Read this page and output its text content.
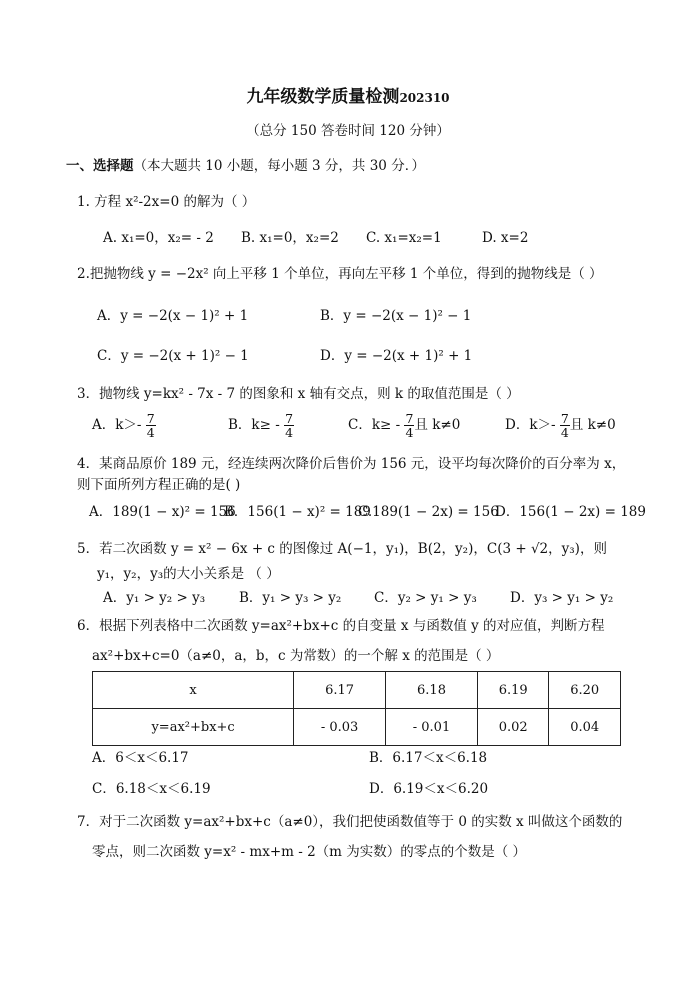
九年级数学质量检测202310
（总分 150 答卷时间 120 分钟）
一、选择题（本大题共 10 小题，每小题 3 分，共 30 分．）
1. 方程 x²-2x=0 的解为（ ）
A. x₁=0，x₂= - 2 B. x₁=0，x₂=2 C. x₁=x₂=1	D. x=2
2.把抛物线 y = −2x² 向上平移 1 个单位，再向左平移 1 个单位，得到的抛物线是（ ）
A．y = −2(x − 1)² + 1	B．y = −2(x − 1)² − 1
C．y = −2(x + 1)² − 1	D．y = −2(x + 1)² + 1
3．抛物线 y=kx² - 7x - 7 的图象和 x 轴有交点，则 k 的取值范围是（ ）
A．$k>- \frac{7}{4}$	B．$k\ge - \frac{7}{4}$	C．$k\ge - \frac{7}{4}$ 且 k≠0	D．$k>- \frac{7}{4}$ 且 k≠0
4．某商品原价 189 元，经连续两次降价后售价为 156 元，设平均每次降价的百分率为 x，
则下面所列方程正确的是( )
A．189(1 − x)² = 156
B．156(1 − x)² = 189
C.189(1 − 2x) = 156
D．156(1 − 2x) = 189
5．若二次函数 y = x² − 6x + c 的图像过 A(−1，y₁)，B(2，y₂)，C(3 + √2，y₃)，则
y₁，y₂，y₃的大小关系是 （ ）
A．y₁ > y₂ > y₃	B．y₁ > y₃ > y₂ C．y₂ > y₁ > y₃ D．y₃ > y₁ > y₂
6．根据下列表格中二次函数 y=ax²+bx+c 的自变量 x 与函数值 y 的对应值，判断方程
ax²+bx+c=0（a≠0，a，b，c 为常数）的一个解 x 的范围是（ ）
x	6.17	6.18	6.19	6.20
y=ax²+bx+c	- 0.03	- 0.01	0.02	0.04
A．6＜x＜6.17	B．6.17＜x＜6.18
C．6.18＜x＜6.19	D．6.19＜x＜6.20
7．对于二次函数 y=ax²+bx+c（a≠0），我们把使函数值等于 0 的实数 x 叫做这个函数的
零点，则二次函数 y=x² - mx+m - 2（m 为实数）的零点的个数是（ ）
